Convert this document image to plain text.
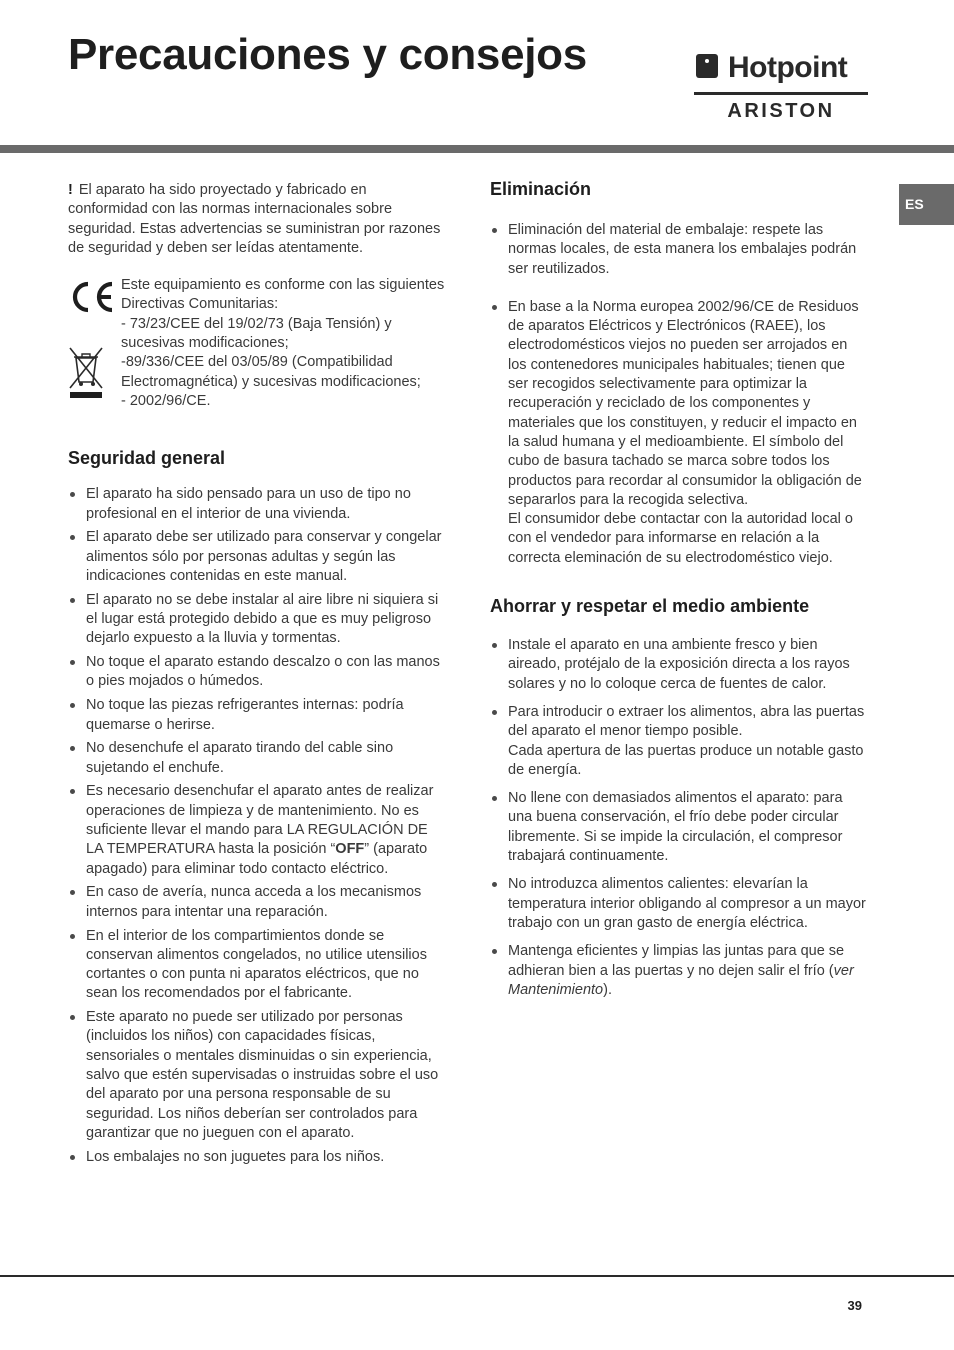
Precauciones y consejos	Hotpoint
ARISTON
ES

! El aparato ha sido proyectado y fabricado en conformidad con las normas internacionales sobre seguridad. Estas advertencias se suministran por razones de seguridad y deben ser leídas atentamente.

Este equipamiento es conforme con las siguientes Directivas Comunitarias:

- 73/23/CEE del 19/02/73 (Baja Tensión) y sucesivas modificaciones;

-89/336/CEE del 03/05/89 (Compatibilidad Electromagnética) y sucesivas modificaciones;

- 2002/96/CE.

Seguridad general
El aparato ha sido pensado para un uso de tipo no profesional en el interior de una vivienda.
El aparato debe ser utilizado para conservar y congelar alimentos sólo por personas adultas y según las indicaciones contenidas en este manual.
El aparato no se debe instalar al aire libre ni siquiera si el lugar está protegido debido a que es muy peligroso dejarlo expuesto a la lluvia y tormentas.
No toque el aparato estando descalzo o con las manos o pies mojados o húmedos.
No toque las piezas refrigerantes internas: podría quemarse o herirse.
No desenchufe el aparato tirando del cable sino sujetando el enchufe.
Es necesario desenchufar el aparato antes de realizar operaciones de limpieza y de mantenimiento. No es suficiente llevar el mando para LA REGULACIÓN DE LA TEMPERATURA hasta la posición “OFF” (aparato apagado) para eliminar todo contacto eléctrico.
En caso de avería, nunca acceda a los mecanismos internos para intentar una reparación.
En el interior de los compartimientos donde se conservan alimentos congelados, no utilice utensilios cortantes o con punta ni aparatos eléctricos, que no sean los recomendados por el fabricante.
Este aparato no puede ser utilizado por personas (incluidos los niños) con capacidades físicas, sensoriales o mentales disminuidas o sin experiencia, salvo que estén supervisadas o instruidas sobre el uso del aparato por una persona responsable de su seguridad. Los niños deberían ser controlados para garantizar que no jueguen con el aparato.
Los embalajes no son juguetes para los niños.
Eliminación
Eliminación del material de embalaje: respete las normas locales, de esta manera los embalajes podrán ser reutilizados.
En base a la Norma europea 2002/96/CE de Residuos de aparatos Eléctricos y Electrónicos (RAEE), los electrodomésticos viejos no pueden ser arrojados en los contenedores municipales habituales; tienen que ser recogidos selectivamente para optimizar la recuperación y reciclado de los componentes y materiales que los constituyen, y reducir el impacto en la salud humana y el medioambiente. El símbolo del cubo de basura tachado se marca sobre todos los productos para recordar al consumidor la obligación de separarlos para la recogida selectiva.
El consumidor debe contactar con la autoridad local o con el vendedor para informarse en relación a la correcta eleminación de su electrodoméstico viejo.
Ahorrar y respetar el medio ambiente
Instale el aparato en una ambiente fresco y bien aireado, protéjalo de la exposición directa a los rayos solares y no lo coloque cerca de fuentes de calor.
Para introducir o extraer los alimentos, abra las puertas del aparato el menor tiempo posible.
Cada apertura de las puertas produce un notable gasto de energía.
No llene con demasiados alimentos el aparato: para una buena conservación, el frío debe poder circular libremente. Si se impide la circulación, el compresor trabajará continuamente.
No introduzca alimentos calientes: elevarían la temperatura interior obligando al compresor a un mayor trabajo con un gran gasto de energía eléctrica.
Mantenga eficientes y limpias las juntas para que se adhieran bien a las puertas y no dejen salir el frío (ver Mantenimiento).
39
